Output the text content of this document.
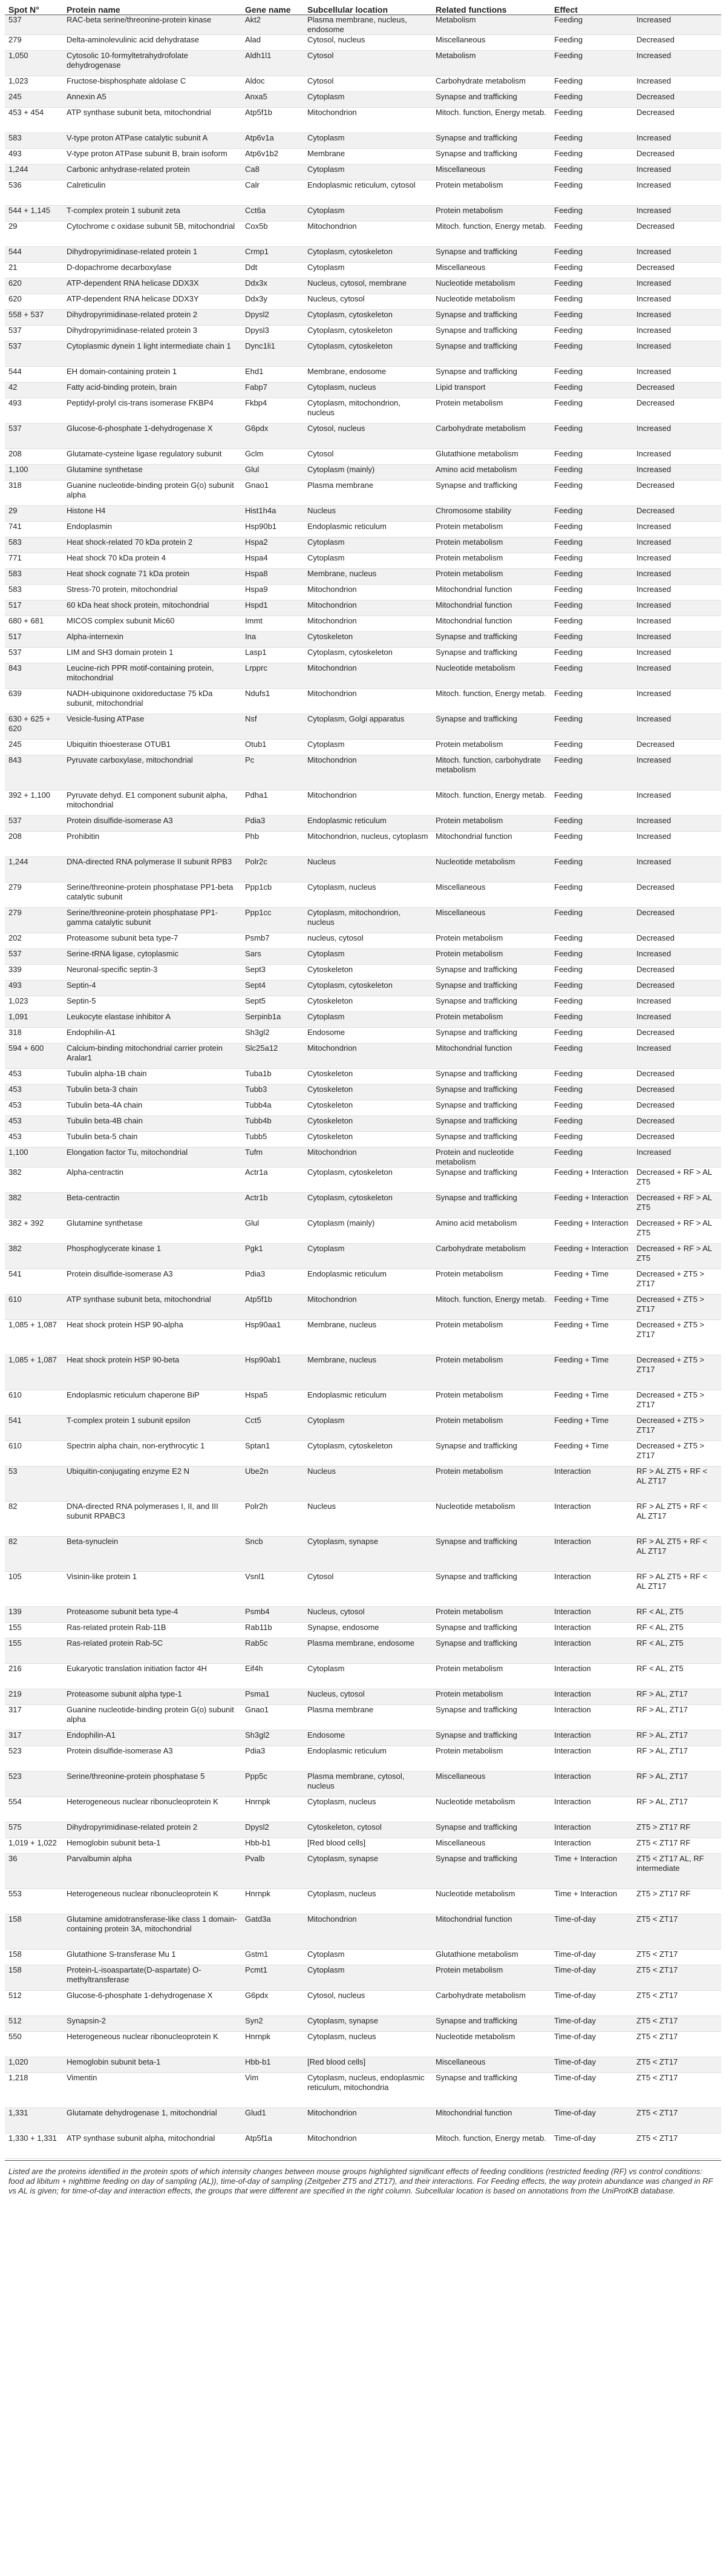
Spot N°	Protein name	Gene name	Subcellular location	Related functions	Effect	
537	RAC-beta serine/threonine-protein kinase	Akt2	Plasma membrane, nucleus, endosome	Metabolism	Feeding	Increased
279	Delta-aminolevulinic acid dehydratase	Alad	Cytosol, nucleus	Miscellaneous	Feeding	Decreased
1,050	Cytosolic 10-formyltetrahydrofolate dehydrogenase	Aldh1l1	Cytosol	Metabolism	Feeding	Increased
1,023	Fructose-bisphosphate aldolase C	Aldoc	Cytosol	Carbohydrate metabolism	Feeding	Increased
245	Annexin A5	Anxa5	Cytoplasm	Synapse and trafficking	Feeding	Decreased
453 + 454	ATP synthase subunit beta, mitochondrial	Atp5f1b	Mitochondrion	Mitoch. function, Energy metab.	Feeding	Decreased
583	V-type proton ATPase catalytic subunit A	Atp6v1a	Cytoplasm	Synapse and trafficking	Feeding	Increased
493	V-type proton ATPase subunit B, brain isoform	Atp6v1b2	Membrane	Synapse and trafficking	Feeding	Decreased
1,244	Carbonic anhydrase-related protein	Ca8	Cytoplasm	Miscellaneous	Feeding	Increased
536	Calreticulin	Calr	Endoplasmic reticulum, cytosol	Protein metabolism	Feeding	Increased
544 + 1,145	T-complex protein 1 subunit zeta	Cct6a	Cytoplasm	Protein metabolism	Feeding	Increased
29	Cytochrome c oxidase subunit 5B, mitochondrial	Cox5b	Mitochondrion	Mitoch. function, Energy metab.	Feeding	Decreased
544	Dihydropyrimidinase-related protein 1	Crmp1	Cytoplasm, cytoskeleton	Synapse and trafficking	Feeding	Increased
21	D-dopachrome decarboxylase	Ddt	Cytoplasm	Miscellaneous	Feeding	Decreased
620	ATP-dependent RNA helicase DDX3X	Ddx3x	Nucleus, cytosol, membrane	Nucleotide metabolism	Feeding	Increased
620	ATP-dependent RNA helicase DDX3Y	Ddx3y	Nucleus, cytosol	Nucleotide metabolism	Feeding	Increased
558 + 537	Dihydropyrimidinase-related protein 2	Dpysl2	Cytoplasm, cytoskeleton	Synapse and trafficking	Feeding	Increased
537	Dihydropyrimidinase-related protein 3	Dpysl3	Cytoplasm, cytoskeleton	Synapse and trafficking	Feeding	Increased
537	Cytoplasmic dynein 1 light intermediate chain 1	Dync1li1	Cytoplasm, cytoskeleton	Synapse and trafficking	Feeding	Increased
544	EH domain-containing protein 1	Ehd1	Membrane, endosome	Synapse and trafficking	Feeding	Increased
42	Fatty acid-binding protein, brain	Fabp7	Cytoplasm, nucleus	Lipid transport	Feeding	Decreased
493	Peptidyl-prolyl cis-trans isomerase FKBP4	Fkbp4	Cytoplasm, mitochondrion, nucleus	Protein metabolism	Feeding	Decreased
537	Glucose-6-phosphate 1-dehydrogenase X	G6pdx	Cytosol, nucleus	Carbohydrate metabolism	Feeding	Increased
208	Glutamate-cysteine ligase regulatory subunit	Gclm	Cytosol	Glutathione metabolism	Feeding	Increased
1,100	Glutamine synthetase	Glul	Cytoplasm (mainly)	Amino acid metabolism	Feeding	Increased
318	Guanine nucleotide-binding protein G(o) subunit alpha	Gnao1	Plasma membrane	Synapse and trafficking	Feeding	Decreased
29	Histone H4	Hist1h4a	Nucleus	Chromosome stability	Feeding	Decreased
741	Endoplasmin	Hsp90b1	Endoplasmic reticulum	Protein metabolism	Feeding	Increased
583	Heat shock-related 70 kDa protein 2	Hspa2	Cytoplasm	Protein metabolism	Feeding	Increased
771	Heat shock 70 kDa protein 4	Hspa4	Cytoplasm	Protein metabolism	Feeding	Increased
583	Heat shock cognate 71 kDa protein	Hspa8	Membrane, nucleus	Protein metabolism	Feeding	Increased
583	Stress-70 protein, mitochondrial	Hspa9	Mitochondrion	Mitochondrial function	Feeding	Increased
517	60 kDa heat shock protein, mitochondrial	Hspd1	Mitochondrion	Mitochondrial function	Feeding	Increased
680 + 681	MICOS complex subunit Mic60	Immt	Mitochondrion	Mitochondrial function	Feeding	Increased
517	Alpha-internexin	Ina	Cytoskeleton	Synapse and trafficking	Feeding	Increased
537	LIM and SH3 domain protein 1	Lasp1	Cytoplasm, cytoskeleton	Synapse and trafficking	Feeding	Increased
843	Leucine-rich PPR motif-containing protein, mitochondrial	Lrpprc	Mitochondrion	Nucleotide metabolism	Feeding	Increased
639	NADH-ubiquinone oxidoreductase 75 kDa subunit, mitochondrial	Ndufs1	Mitochondrion	Mitoch. function, Energy metab.	Feeding	Increased
630 + 625 + 620	Vesicle-fusing ATPase	Nsf	Cytoplasm, Golgi apparatus	Synapse and trafficking	Feeding	Increased
245	Ubiquitin thioesterase OTUB1	Otub1	Cytoplasm	Protein metabolism	Feeding	Decreased
843	Pyruvate carboxylase, mitochondrial	Pc	Mitochondrion	Mitoch. function, carbohydrate metabolism	Feeding	Increased
392 + 1,100	Pyruvate dehyd. E1 component subunit alpha, mitochondrial	Pdha1	Mitochondrion	Mitoch. function, Energy metab.	Feeding	Increased
537	Protein disulfide-isomerase A3	Pdia3	Endoplasmic reticulum	Protein metabolism	Feeding	Increased
208	Prohibitin	Phb	Mitochondrion, nucleus, cytoplasm	Mitochondrial function	Feeding	Increased
1,244	DNA-directed RNA polymerase II subunit RPB3	Polr2c	Nucleus	Nucleotide metabolism	Feeding	Increased
279	Serine/threonine-protein phosphatase PP1-beta catalytic subunit	Ppp1cb	Cytoplasm, nucleus	Miscellaneous	Feeding	Decreased
279	Serine/threonine-protein phosphatase PP1-gamma catalytic subunit	Ppp1cc	Cytoplasm, mitochondrion, nucleus	Miscellaneous	Feeding	Decreased
202	Proteasome subunit beta type-7	Psmb7	nucleus, cytosol	Protein metabolism	Feeding	Decreased
537	Serine-tRNA ligase, cytoplasmic	Sars	Cytoplasm	Protein metabolism	Feeding	Increased
339	Neuronal-specific septin-3	Sept3	Cytoskeleton	Synapse and trafficking	Feeding	Decreased
493	Septin-4	Sept4	Cytoplasm, cytoskeleton	Synapse and trafficking	Feeding	Decreased
1,023	Septin-5	Sept5	Cytoskeleton	Synapse and trafficking	Feeding	Increased
1,091	Leukocyte elastase inhibitor A	Serpinb1a	Cytoplasm	Protein metabolism	Feeding	Increased
318	Endophilin-A1	Sh3gl2	Endosome	Synapse and trafficking	Feeding	Decreased
594 + 600	Calcium-binding mitochondrial carrier protein Aralar1	Slc25a12	Mitochondrion	Mitochondrial function	Feeding	Increased
453	Tubulin alpha-1B chain	Tuba1b	Cytoskeleton	Synapse and trafficking	Feeding	Decreased
453	Tubulin beta-3 chain	Tubb3	Cytoskeleton	Synapse and trafficking	Feeding	Decreased
453	Tubulin beta-4A chain	Tubb4a	Cytoskeleton	Synapse and trafficking	Feeding	Decreased
453	Tubulin beta-4B chain	Tubb4b	Cytoskeleton	Synapse and trafficking	Feeding	Decreased
453	Tubulin beta-5 chain	Tubb5	Cytoskeleton	Synapse and trafficking	Feeding	Decreased
1,100	Elongation factor Tu, mitochondrial	Tufm	Mitochondrion	Protein and nucleotide metabolism	Feeding	Increased
382	Alpha-centractin	Actr1a	Cytoplasm, cytoskeleton	Synapse and trafficking	Feeding + Interaction	Decreased + RF > AL ZT5
382	Beta-centractin	Actr1b	Cytoplasm, cytoskeleton	Synapse and trafficking	Feeding + Interaction	Decreased + RF > AL ZT5
382 + 392	Glutamine synthetase	Glul	Cytoplasm (mainly)	Amino acid metabolism	Feeding + Interaction	Decreased + RF > AL ZT5
382	Phosphoglycerate kinase 1	Pgk1	Cytoplasm	Carbohydrate metabolism	Feeding + Interaction	Decreased + RF > AL ZT5
541	Protein disulfide-isomerase A3	Pdia3	Endoplasmic reticulum	Protein metabolism	Feeding + Time	Decreased + ZT5 > ZT17
610	ATP synthase subunit beta, mitochondrial	Atp5f1b	Mitochondrion	Mitoch. function, Energy metab.	Feeding + Time	Decreased + ZT5 > ZT17
1,085 + 1,087	Heat shock protein HSP 90-alpha	Hsp90aa1	Membrane, nucleus	Protein metabolism	Feeding + Time	Decreased + ZT5 > ZT17
1,085 + 1,087	Heat shock protein HSP 90-beta	Hsp90ab1	Membrane, nucleus	Protein metabolism	Feeding + Time	Decreased + ZT5 > ZT17
610	Endoplasmic reticulum chaperone BiP	Hspa5	Endoplasmic reticulum	Protein metabolism	Feeding + Time	Decreased + ZT5 > ZT17
541	T-complex protein 1 subunit epsilon	Cct5	Cytoplasm	Protein metabolism	Feeding + Time	Decreased + ZT5 > ZT17
610	Spectrin alpha chain, non-erythrocytic 1	Sptan1	Cytoplasm, cytoskeleton	Synapse and trafficking	Feeding + Time	Decreased + ZT5 > ZT17
53	Ubiquitin-conjugating enzyme E2 N	Ube2n	Nucleus	Protein metabolism	Interaction	RF > AL ZT5 + RF < AL ZT17
82	DNA-directed RNA polymerases I, II, and III subunit RPABC3	Polr2h	Nucleus	Nucleotide metabolism	Interaction	RF > AL ZT5 + RF < AL ZT17
82	Beta-synuclein	Sncb	Cytoplasm, synapse	Synapse and trafficking	Interaction	RF > AL ZT5 + RF < AL ZT17
105	Visinin-like protein 1	Vsnl1	Cytosol	Synapse and trafficking	Interaction	RF > AL ZT5 + RF < AL ZT17
139	Proteasome subunit beta type-4	Psmb4	Nucleus, cytosol	Protein metabolism	Interaction	RF < AL, ZT5
155	Ras-related protein Rab-11B	Rab11b	Synapse, endosome	Synapse and trafficking	Interaction	RF < AL, ZT5
155	Ras-related protein Rab-5C	Rab5c	Plasma membrane, endosome	Synapse and trafficking	Interaction	RF < AL, ZT5
216	Eukaryotic translation initiation factor 4H	Eif4h	Cytoplasm	Protein metabolism	Interaction	RF < AL, ZT5
219	Proteasome subunit alpha type-1	Psma1	Nucleus, cytosol	Protein metabolism	Interaction	RF > AL, ZT17
317	Guanine nucleotide-binding protein G(o) subunit alpha	Gnao1	Plasma membrane	Synapse and trafficking	Interaction	RF > AL, ZT17
317	Endophilin-A1	Sh3gl2	Endosome	Synapse and trafficking	Interaction	RF > AL, ZT17
523	Protein disulfide-isomerase A3	Pdia3	Endoplasmic reticulum	Protein metabolism	Interaction	RF > AL, ZT17
523	Serine/threonine-protein phosphatase 5	Ppp5c	Plasma membrane, cytosol, nucleus	Miscellaneous	Interaction	RF > AL, ZT17
554	Heterogeneous nuclear ribonucleoprotein K	Hnrnpk	Cytoplasm, nucleus	Nucleotide metabolism	Interaction	RF > AL, ZT17
575	Dihydropyrimidinase-related protein 2	Dpysl2	Cytoskeleton, cytosol	Synapse and trafficking	Interaction	ZT5 > ZT17 RF
1,019 + 1,022	Hemoglobin subunit beta-1	Hbb-b1	[Red blood cells]	Miscellaneous	Interaction	ZT5 < ZT17 RF
36	Parvalbumin alpha	Pvalb	Cytoplasm, synapse	Synapse and trafficking	Time + Interaction	ZT5 < ZT17 AL, RF intermediate
553	Heterogeneous nuclear ribonucleoprotein K	Hnrnpk	Cytoplasm, nucleus	Nucleotide metabolism	Time + Interaction	ZT5 > ZT17 RF
158	Glutamine amidotransferase-like class 1 domain-containing protein 3A, mitochondrial	Gatd3a	Mitochondrion	Mitochondrial function	Time-of-day	ZT5 < ZT17
158	Glutathione S-transferase Mu 1	Gstm1	Cytoplasm	Glutathione metabolism	Time-of-day	ZT5 < ZT17
158	Protein-L-isoaspartate(D-aspartate) O-methyltransferase	Pcmt1	Cytoplasm	Protein metabolism	Time-of-day	ZT5 < ZT17
512	Glucose-6-phosphate 1-dehydrogenase X	G6pdx	Cytosol, nucleus	Carbohydrate metabolism	Time-of-day	ZT5 < ZT17
512	Synapsin-2	Syn2	Cytoplasm, synapse	Synapse and trafficking	Time-of-day	ZT5 < ZT17
550	Heterogeneous nuclear ribonucleoprotein K	Hnrnpk	Cytoplasm, nucleus	Nucleotide metabolism	Time-of-day	ZT5 < ZT17
1,020	Hemoglobin subunit beta-1	Hbb-b1	[Red blood cells]	Miscellaneous	Time-of-day	ZT5 < ZT17
1,218	Vimentin	Vim	Cytoplasm, nucleus, endoplasmic reticulum, mitochondria	Synapse and trafficking	Time-of-day	ZT5 < ZT17
1,331	Glutamate dehydrogenase 1, mitochondrial	Glud1	Mitochondrion	Mitochondrial function	Time-of-day	ZT5 < ZT17
1,330 + 1,331	ATP synthase subunit alpha, mitochondrial	Atp5f1a	Mitochondrion	Mitoch. function, Energy metab.	Time-of-day	ZT5 < ZT17
Listed are the proteins identified in the protein spots of which intensity changes between mouse groups highlighted significant effects of feeding conditions (restricted feeding (RF) vs control conditions: food ad libitum + nighttime feeding on day of sampling (AL)), time-of-day of sampling (Zeitgeber ZT5 and ZT17), and their interactions. For Feeding effects, the way protein abundance was changed in RF vs AL is given; for time-of-day and interaction effects, the groups that were different are specified in the right column. Subcellular location is based on annotations from the UniProtKB database.
